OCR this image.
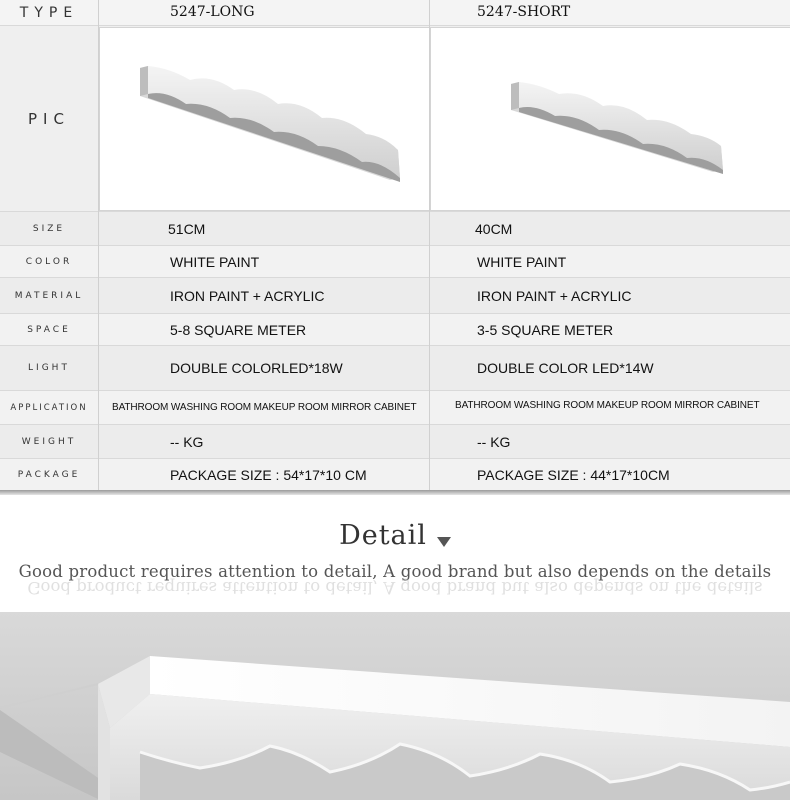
TYPE	5247-LONG	5247-SHORT
PIC
SIZE	51CM	40CM
COLOR	WHITE PAINT	WHITE PAINT
MATERIAL	IRON PAINT + ACRYLIC	IRON PAINT + ACRYLIC
SPACE	5-8 SQUARE METER	3-5 SQUARE METER
LIGHT	DOUBLE COLORLED*18W	DOUBLE COLOR LED*14W
APPLICATION	BATHROOM WASHING ROOM MAKEUP ROOM MIRROR CABINET	BATHROOM WASHING ROOM MAKEUP ROOM MIRROR CABINET
WEIGHT	-- KG	-- KG
PACKAGE	PACKAGE SIZE : 54*17*10 CM	PACKAGE SIZE : 44*17*10CM
Detail
Good product requires attention to detail, A good brand but also depends on the details
Good product requires attention to detail, A good brand but also depends on the details
